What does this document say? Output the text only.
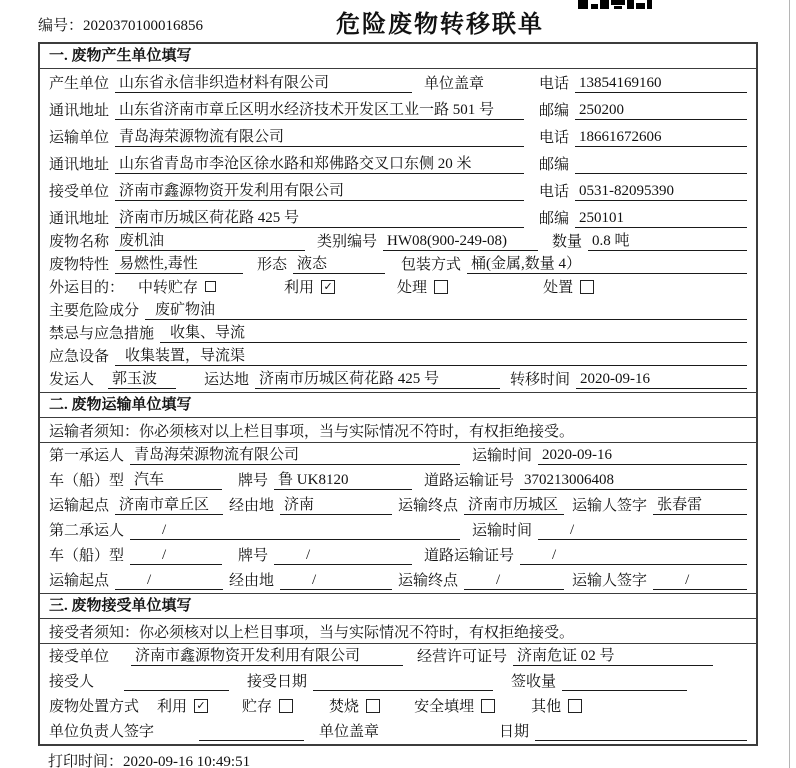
编号：2020370100016856	危险废物转移联单
一. 废物产生单位填写
产生单位 山东省永信非织造材料有限公司	单位盖章	电话 13854169160
通讯地址 山东省济南市章丘区明水经济技术开发区工业一路 501 号	邮编 250200
运输单位 青岛海荣源物流有限公司	电话 18661672606
通讯地址 山东省青岛市李沧区徐水路和郑佛路交叉口东侧 20 米	邮编
接受单位 济南市鑫源物资开发利用有限公司	电话 0531-82095390
通讯地址 济南市历城区荷花路 425 号	邮编 250101
废物名称 废机油	类别编号 HW08(900-249-08)	数量 0.8 吨
废物特性 易燃性,毒性	形态 液态	包装方式 桶(金属,数量 4）
外运目的： 中转贮存	利用 ✓	处理	处置
主要危险成分	废矿物油
禁忌与应急措施	收集、导流
应急设备	收集装置，导流渠
发运人 郭玉波	运达地 济南市历城区荷花路 425 号	转移时间 2020-09-16
二. 废物运输单位填写
运输者须知：你必须核对以上栏目事项，当与实际情况不符时，有权拒绝接受。
第一承运人 青岛海荣源物流有限公司	运输时间 2020-09-16
车（船）型 汽车	牌号 鲁 UK8120	道路运输证号 370213006408
运输起点 济南市章丘区	经由地 济南	运输终点 济南市历城区 运输人签字 张春雷
第二承运人	/	运输时间	/
车（船）型	/	牌号	/	道路运输证号	/
运输起点	/	经由地	/	运输终点	/	运输人签字	/
三. 废物接受单位填写
接受者须知：你必须核对以上栏目事项，当与实际情况不符时，有权拒绝接受。
接受单位 济南市鑫源物资开发利用有限公司	经营许可证号 济南危证 02 号
接受人	接受日期	签收量
废物处置方式 利用 ✓ 贮存	焚烧	安全填埋	其他
单位负责人签字	单位盖章	日期
打印时间：2020-09-16 10:49:51
